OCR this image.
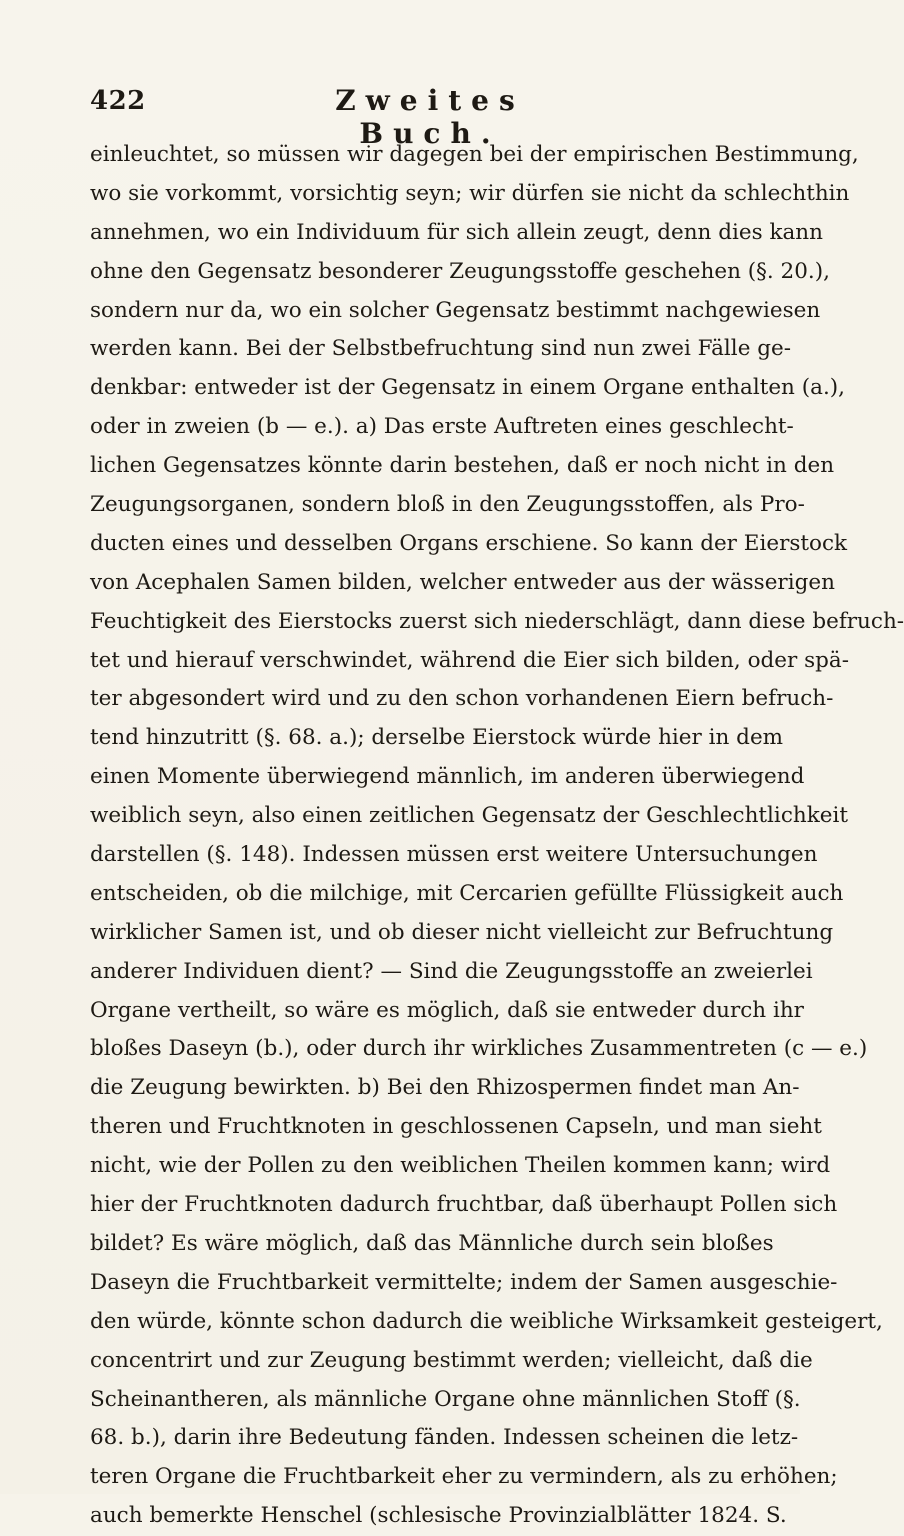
422	Zweites Buch.
einleuchtet, so müssen wir dagegen bei der empirischen Bestimmung,
wo sie vorkommt, vorsichtig seyn; wir dürfen sie nicht da schlechthin
annehmen, wo ein Individuum für sich allein zeugt, denn dies kann
ohne den Gegensatz besonderer Zeugungsstoffe geschehen (§. 20.),
sondern nur da, wo ein solcher Gegensatz bestimmt nachgewiesen
werden kann. Bei der Selbstbefruchtung sind nun zwei Fälle ge-
denkbar: entweder ist der Gegensatz in einem Organe enthalten (a.),
oder in zweien (b — e.). a) Das erste Auftreten eines geschlecht-
lichen Gegensatzes könnte darin bestehen, daß er noch nicht in den
Zeugungsorganen, sondern bloß in den Zeugungsstoffen, als Pro-
ducten eines und desselben Organs erschiene. So kann der Eierstock
von Acephalen Samen bilden, welcher entweder aus der wässerigen
Feuchtigkeit des Eierstocks zuerst sich niederschlägt, dann diese befruch-
tet und hierauf verschwindet, während die Eier sich bilden, oder spä-
ter abgesondert wird und zu den schon vorhandenen Eiern befruch-
tend hinzutritt (§. 68. a.); derselbe Eierstock würde hier in dem
einen Momente überwiegend männlich, im anderen überwiegend
weiblich seyn, also einen zeitlichen Gegensatz der Geschlechtlichkeit
darstellen (§. 148). Indessen müssen erst weitere Untersuchungen
entscheiden, ob die milchige, mit Cercarien gefüllte Flüssigkeit auch
wirklicher Samen ist, und ob dieser nicht vielleicht zur Befruchtung
anderer Individuen dient? — Sind die Zeugungsstoffe an zweierlei
Organe vertheilt, so wäre es möglich, daß sie entweder durch ihr
bloßes Daseyn (b.), oder durch ihr wirkliches Zusammentreten (c — e.)
die Zeugung bewirkten. b) Bei den Rhizospermen findet man An-
theren und Fruchtknoten in geschlossenen Capseln, und man sieht
nicht, wie der Pollen zu den weiblichen Theilen kommen kann; wird
hier der Fruchtknoten dadurch fruchtbar, daß überhaupt Pollen sich
bildet? Es wäre möglich, daß das Männliche durch sein bloßes
Daseyn die Fruchtbarkeit vermittelte; indem der Samen ausgeschie-
den würde, könnte schon dadurch die weibliche Wirksamkeit gesteigert,
concentrirt und zur Zeugung bestimmt werden; vielleicht, daß die
Scheinantheren, als männliche Organe ohne männlichen Stoff (§.
68. b.), darin ihre Bedeutung fänden. Indessen scheinen die letz-
teren Organe die Fruchtbarkeit eher zu vermindern, als zu erhöhen;
auch bemerkte Henschel (schlesische Provinzialblätter 1824. S.
